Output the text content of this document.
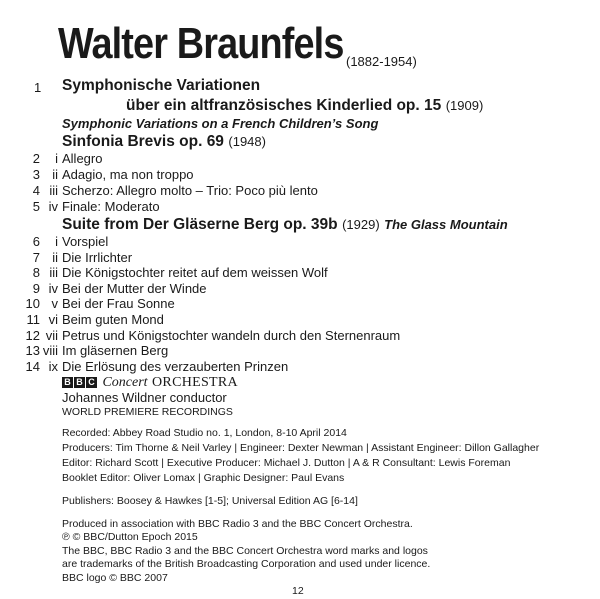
Walter Braunfels (1882-1954)
1 Symphonische Variationen
über ein altfranzösisches Kinderlied op. 15 (1909)
Symphonic Variations on a French Children’s Song
Sinfonia Brevis op. 69 (1948)
2	i Allegro
3 ii Adagio, ma non troppo
4 iii Scherzo: Allegro molto – Trio: Poco più lento
5 iv Finale: Moderato
Suite from Der Gläserne Berg op. 39b (1929) The Glass Mountain
6	i Vorspiel
7 ii Die Irrlichter
8 iii Die Königstochter reitet auf dem weissen Wolf
9 iv Bei der Mutter der Winde
10 v Bei der Frau Sonne
11 vi Beim guten Mond
12 vii Petrus und Königstochter wandeln durch den Sternenraum
13 viii Im gläsernen Berg
14 ix Die Erlösung des verzauberten Prinzen
B B C Concert ORCHESTRA
Johannes Wildner conductor
WORLD PREMIERE RECORDINGS
Recorded: Abbey Road Studio no. 1, London, 8-10 April 2014
Producers: Tim Thorne & Neil Varley | Engineer: Dexter Newman | Assistant Engineer: Dillon Gallagher
Editor: Richard Scott | Executive Producer: Michael J. Dutton | A & R Consultant: Lewis Foreman
Booklet Editor: Oliver Lomax | Graphic Designer: Paul Evans
Publishers: Boosey & Hawkes [1-5]; Universal Edition AG [6-14]
Produced in association with BBC Radio 3 and the BBC Concert Orchestra.
℗ © BBC/Dutton Epoch 2015
The BBC, BBC Radio 3 and the BBC Concert Orchestra word marks and logos
are trademarks of the British Broadcasting Corporation and used under licence.
BBC logo © BBC 2007
12
